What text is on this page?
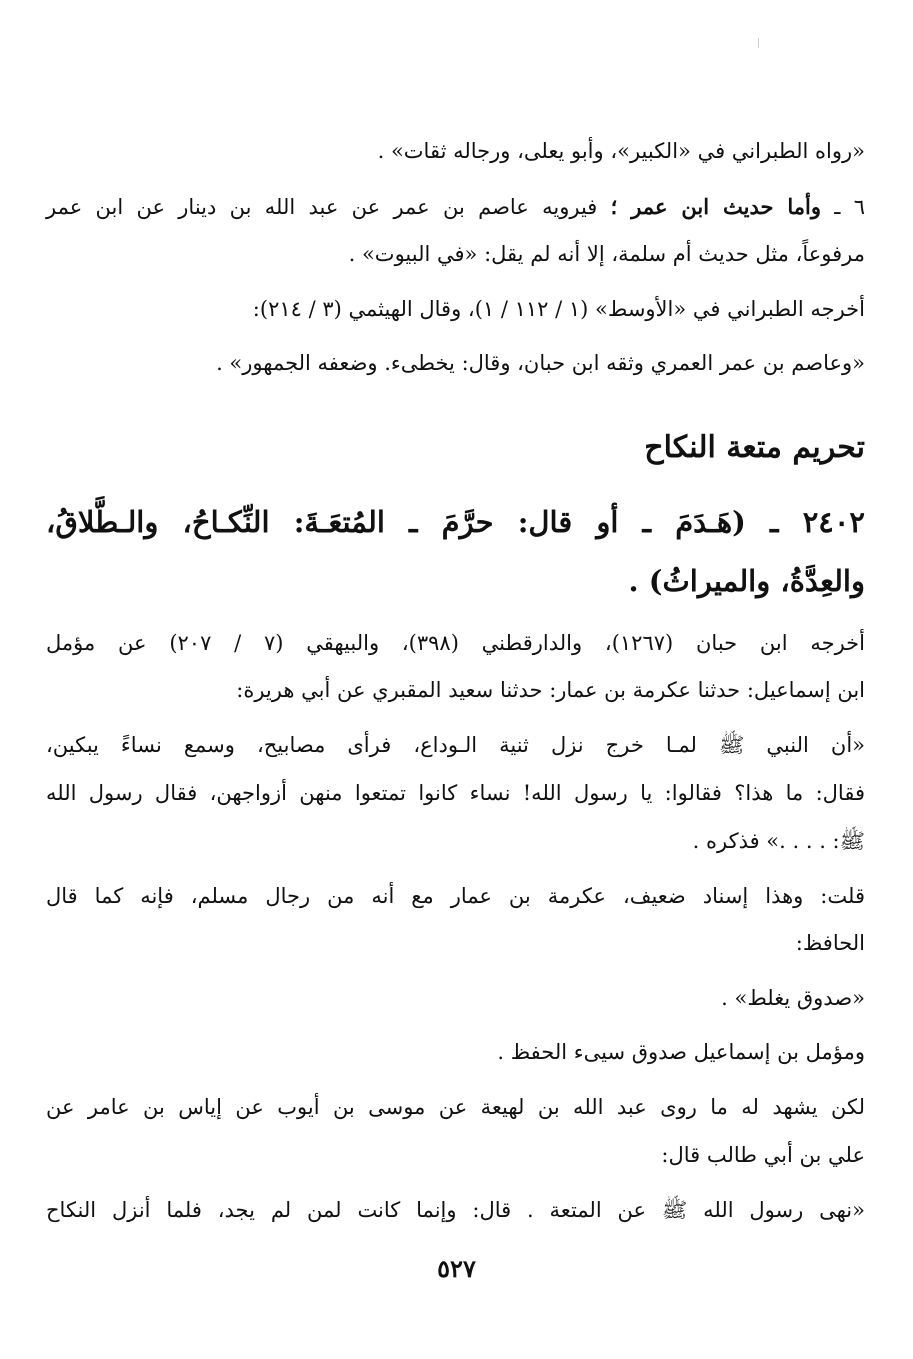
«رواه الطبراني في «الكبير»، وأبو يعلى، ورجاله ثقات» .
٦ ـ وأما حديث ابن عمر ؛ فيرويه عاصم بن عمر عن عبد الله بن دينار عن ابن عمر
مرفوعاً، مثل حديث أم سلمة، إلا أنه لم يقل: «في البيوت» .
أخرجه الطبراني في «الأوسط» (١ / ١١٢ / ١)، وقال الهيثمي (٣ / ٢١٤):
«وعاصم بن عمر العمري وثقه ابن حبان، وقال: يخطىء. وضعفه الجمهور» .
تحريم متعة النكاح
٢٤٠٢ ـ (هَـدَمَ ـ أو قال: حرَّمَ ـ المُتعَـةَ: النِّكـاحُ، والـطَّلاقُ،
والعِدَّةُ، والميراثُ) .
أخرجه ابن حبان (١٢٦٧)، والدارقطني (٣٩٨)، والبيهقي (٧ / ٢٠٧) عن مؤمل
ابن إسماعيل: حدثنا عكرمة بن عمار: حدثنا سعيد المقبري عن أبي هريرة:
«أن النبي ﷺ لمـا خرج نزل ثنية الـوداع، فرأى مصابيح، وسمع نساءً يبكين،
فقال: ما هذا؟ فقالوا: يا رسول الله! نساء كانوا تمتعوا منهن أزواجهن، فقال رسول الله
ﷺ: . . . .» فذكره .
قلت: وهذا إسناد ضعيف، عكرمة بن عمار مع أنه من رجال مسلم، فإنه كما قال
الحافظ:
«صدوق يغلط» .
ومؤمل بن إسماعيل صدوق سيىء الحفظ .
لكن يشهد له ما روى عبد الله بن لهيعة عن موسى بن أيوب عن إياس بن عامر عن
علي بن أبي طالب قال:
«نهى رسول الله ﷺ عن المتعة . قال: وإنما كانت لمن لم يجد، فلما أنزل النكاح
٥٢٧
